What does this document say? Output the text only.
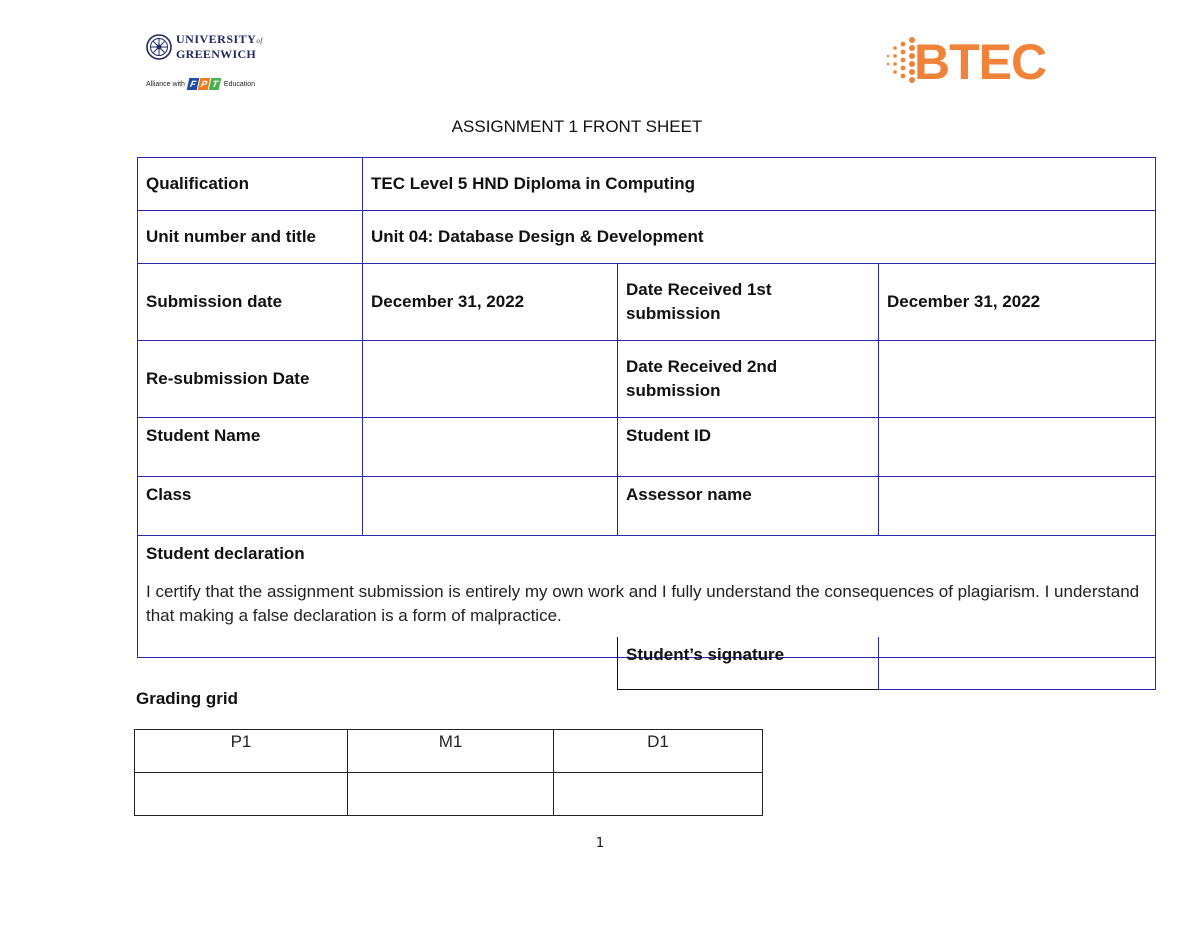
UNIVERSITYof
GREENWICH
Alliance with F P T Education	BTEC
ASSIGNMENT 1 FRONT SHEET
Qualification	TEC Level 5 HND Diploma in Computing		
Unit number and title	Unit 04: Database Design & Development		
Submission date	December 31, 2022	Date Received 1st submission	December 31, 2022
Re-submission Date		Date Received 2nd submission	
Student Name		Student ID	
Class		Assessor name	

Student declaration
I certify that the assignment submission is entirely my own work and I fully understand the consequences of plagiarism. I understand that making a false declaration is a form of malpractice.			
Student’s signature	
Grading grid
P1	M1	D1

1
